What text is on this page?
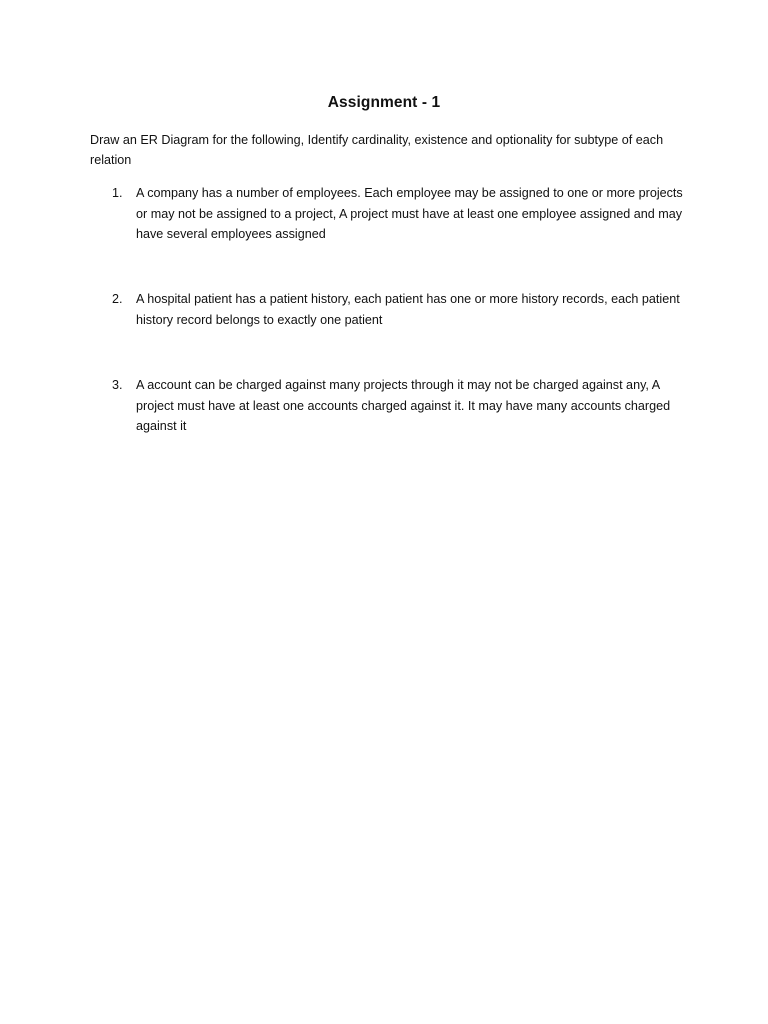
Assignment - 1
Draw an ER Diagram for the following, Identify cardinality, existence and optionality for subtype of each relation
1.	A company has a number of employees. Each employee may be assigned to one or more projects or may not be assigned to a project, A project must have at least one employee assigned and may have several employees assigned
2.	A hospital patient has a patient history, each patient has one or more history records, each patient history record belongs to exactly one patient
3.	A account can be charged against many projects through it may not be charged against any, A project must have at least one accounts charged against it. It may have many accounts charged against it
